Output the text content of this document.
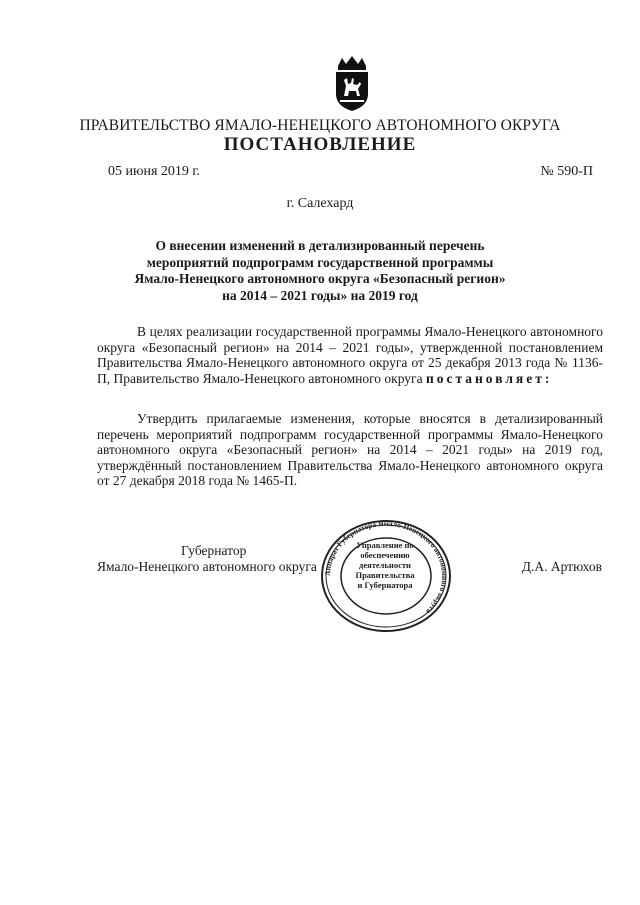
ПРАВИТЕЛЬСТВО ЯМАЛО-НЕНЕЦКОГО АВТОНОМНОГО ОКРУГА
ПОСТАНОВЛЕНИЕ
05 июня 2019 г.	№ 590-П
г. Салехард
О внесении изменений в детализированный перечень
мероприятий подпрограмм государственной программы
Ямало-Ненецкого автономного округа «Безопасный регион»
на 2014 – 2021 годы» на 2019 год
В целях реализации государственной программы Ямало-Ненецкого автономного округа «Безопасный регион» на 2014 – 2021 годы», утвержденной постановлением Правительства Ямало-Ненецкого автономного округа от 25 декабря 2013 года № 1136-П, Правительство Ямало-Ненецкого автономного округа постановляет:
Утвердить прилагаемые изменения, которые вносятся в детализированный перечень мероприятий подпрограмм государственной программы Ямало-Ненецкого автономного округа «Безопасный регион» на 2014 – 2021 годы» на 2019 год, утверждённый постановлением Правительства Ямало-Ненецкого автономного округа от 27 декабря 2018 года № 1465-П.
Губернатор
Ямало-Ненецкого автономного округа	Д.А. Артюхов
Аппарат Губернатора Ямало-Ненецкого автономного округа
Управление по
обеспечению
деятельности
Правительства
и Губернатора
